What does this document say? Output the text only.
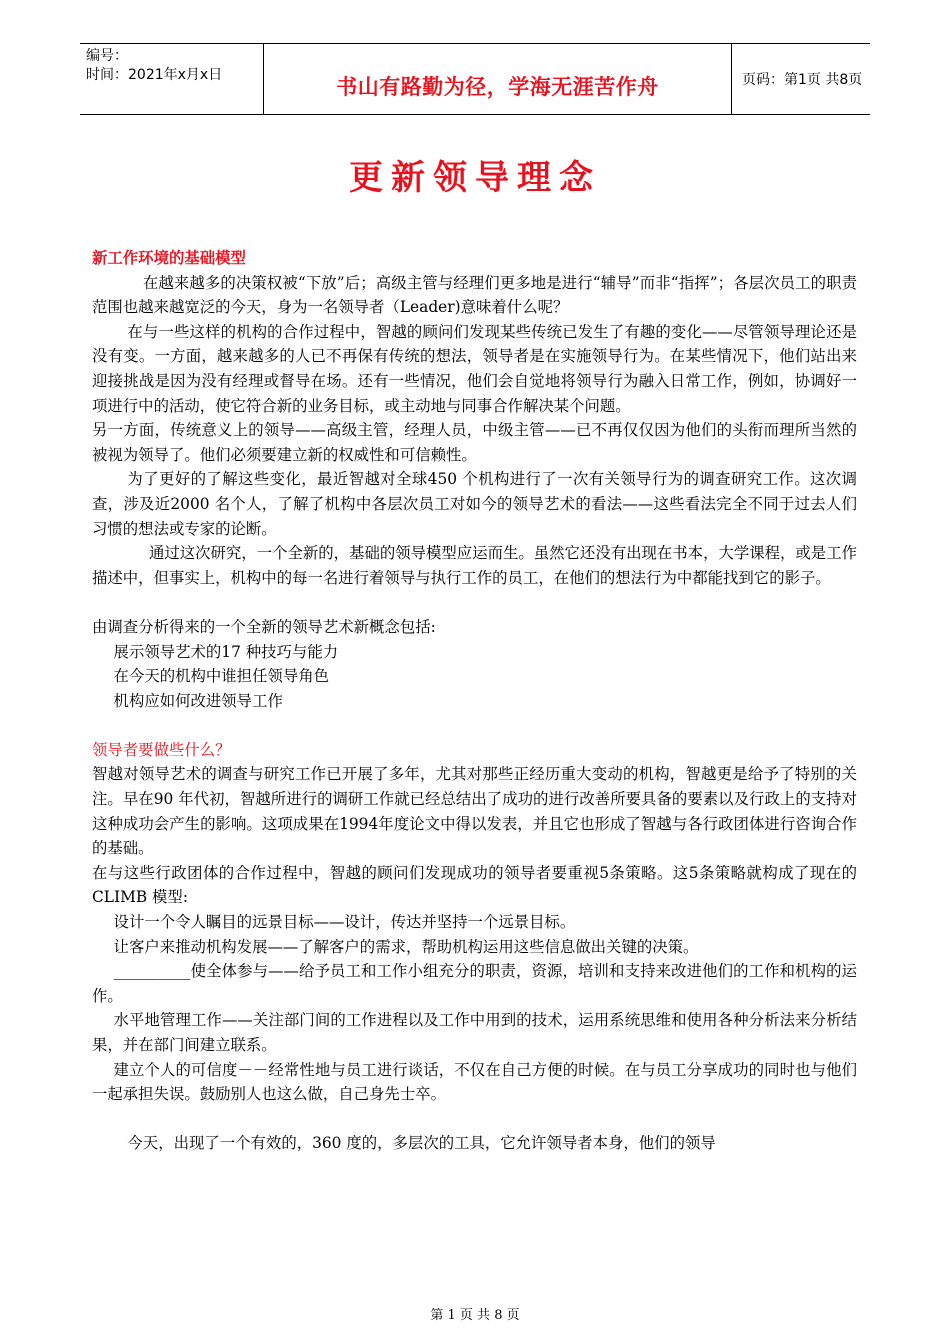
编号：
时间：2021年x月x日	书山有路勤为径，学海无涯苦作舟	页码：第1页 共8页
更新领导理念

新工作环境的基础模型

在越来越多的决策权被“下放”后；高级主管与经理们更多地是进行“辅导”而非“指挥”；各层次员工的职责范围也越来越宽泛的今天，身为一名领导者（Leader)意味着什么呢？

在与一些这样的机构的合作过程中，智越的顾问们发现某些传统已发生了有趣的变化——尽管领导理论还是没有变。一方面，越来越多的人已不再保有传统的想法，领导者是在实施领导行为。在某些情况下，他们站出来迎接挑战是因为没有经理或督导在场。还有一些情况，他们会自觉地将领导行为融入日常工作，例如，协调好一项进行中的活动，使它符合新的业务目标，或主动地与同事合作解决某个问题。

另一方面，传统意义上的领导——高级主管，经理人员，中级主管——已不再仅仅因为他们的头衔而理所当然的被视为领导了。他们必须要建立新的权威性和可信赖性。

为了更好的了解这些变化，最近智越对全球450 个机构进行了一次有关领导行为的调查研究工作。这次调查，涉及近2000 名个人，了解了机构中各层次员工对如今的领导艺术的看法——这些看法完全不同于过去人们习惯的想法或专家的论断。

通过这次研究，一个全新的，基础的领导模型应运而生。虽然它还没有出现在书本，大学课程，或是工作描述中，但事实上，机构中的每一名进行着领导与执行工作的员工，在他们的想法行为中都能找到它的影子。

由调查分析得来的一个全新的领导艺术新概念包括:

展示领导艺术的17 种技巧与能力

在今天的机构中谁担任领导角色

机构应如何改进领导工作

领导者要做些什么？

智越对领导艺术的调查与研究工作已开展了多年，尤其对那些正经历重大变动的机构，智越更是给予了特别的关注。早在90 年代初，智越所进行的调研工作就已经总结出了成功的进行改善所要具备的要素以及行政上的支持对这种成功会产生的影响。这项成果在1994年度论文中得以发表，并且它也形成了智越与各行政团体进行咨询合作的基础。

在与这些行政团体的合作过程中，智越的顾问们发现成功的领导者要重视5条策略。这5条策略就构成了现在的CLIMB 模型:

设计一个令人瞩目的远景目标——设计，传达并坚持一个远景目标。

让客户来推动机构发展——了解客户的需求，帮助机构运用这些信息做出关键的决策。

__________使全体参与——给予员工和工作小组充分的职责，资源，培训和支持来改进他们的工作和机构的运作。

水平地管理工作——关注部门间的工作进程以及工作中用到的技术，运用系统思维和使用各种分析法来分析结果，并在部门间建立联系。

建立个人的可信度－－经常性地与员工进行谈话，不仅在自己方便的时候。在与员工分享成功的同时也与他们一起承担失误。鼓励别人也这么做，自己身先士卒。

今天，出现了一个有效的，360 度的，多层次的工具，它允许领导者本身，他们的领导

第 1 页 共 8 页
